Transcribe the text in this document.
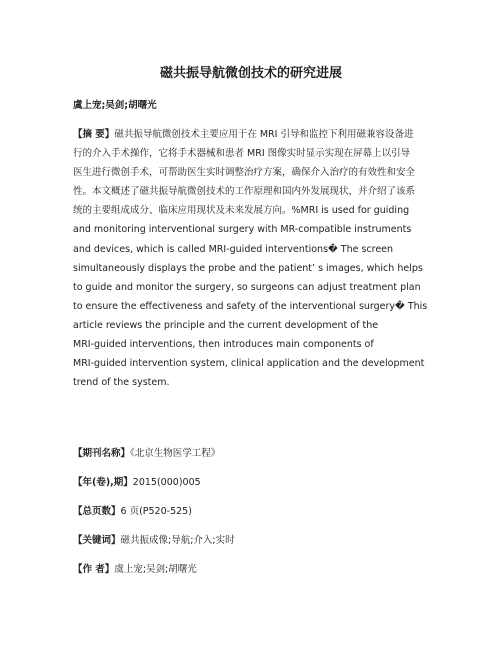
磁共振导航微创技术的研究进展
虞上宠;吴剑;胡曙光
【摘 要】磁共振导航微创技术主要应用于在 MRI 引导和监控下利用磁兼容设备进
行的介入手术操作，它将手术器械和患者 MRI 图像实时显示实现在屏幕上以引导
医生进行微创手术，可帮助医生实时调整治疗方案，确保介入治疗的有效性和安全
性。本文概述了磁共振导航微创技术的工作原理和国内外发展现状，并介绍了该系
统的主要组成成分、临床应用现状及未来发展方向。%MRI is used for guiding
and monitoring interventional surgery with MR-compatible instruments
and devices, which is called MRI-guided interventions� The screen
simultaneously displays the probe and the patient’ s images, which helps
to guide and monitor the surgery, so surgeons can adjust treatment plan
to ensure the effectiveness and safety of the interventional surgery� This
article reviews the principle and the current development of the
MRI-guided interventions, then introduces main components of
MRI-guided intervention system, clinical application and the development
trend of the system.
【期刊名称】《北京生物医学工程》
【年(卷),期】2015(000)005
【总页数】6 页(P520-525)
【关键词】磁共振成像;导航;介入;实时
【作 者】虞上宠;吴剑;胡曙光
